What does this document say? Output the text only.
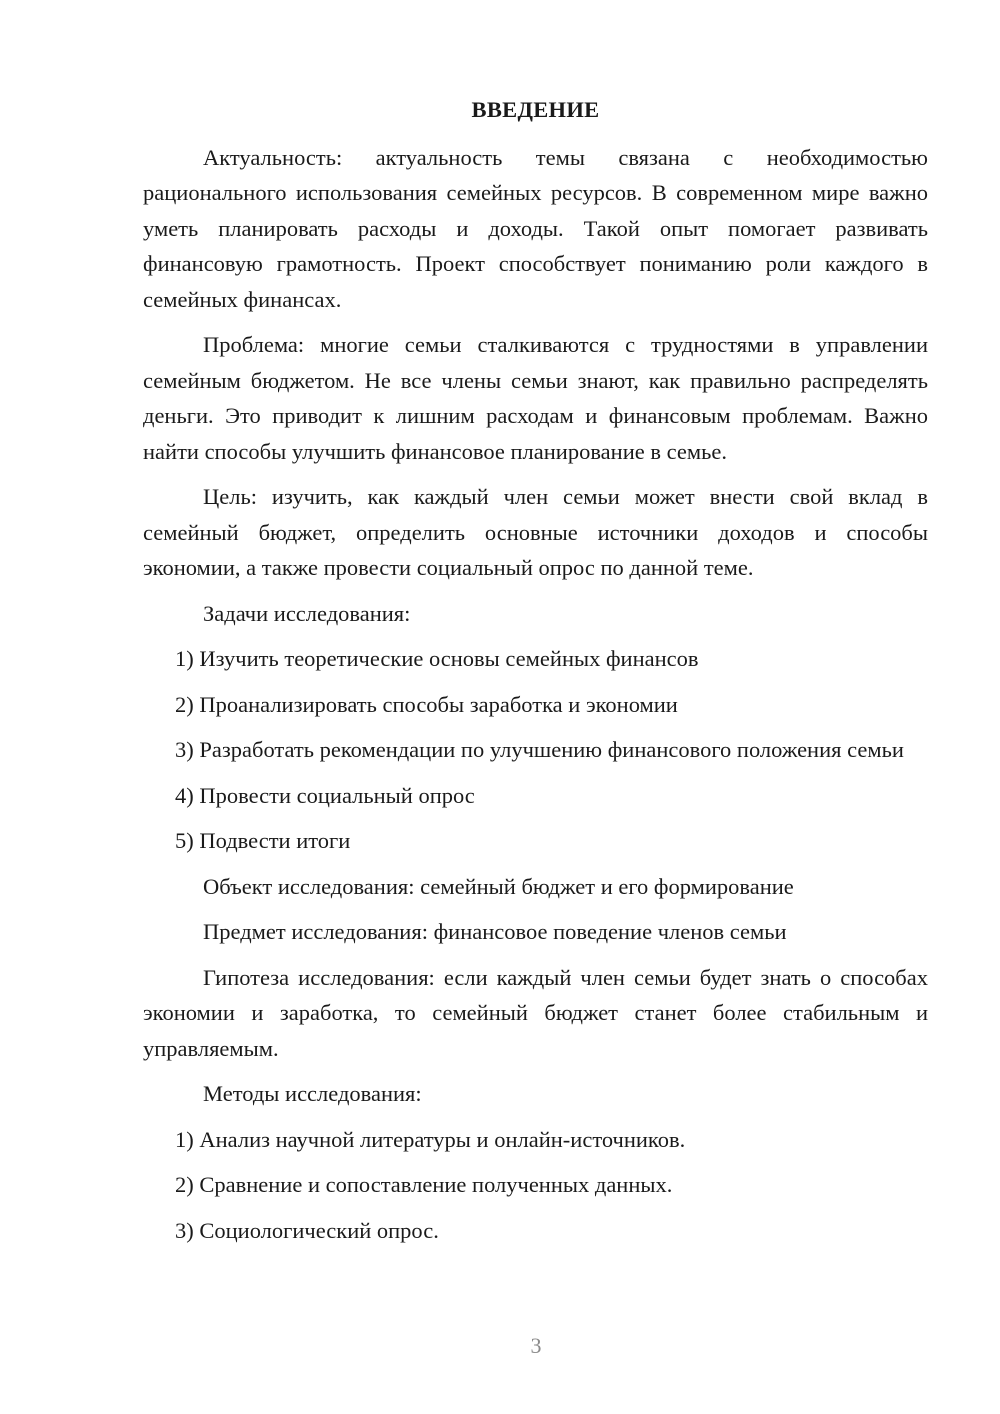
ВВЕДЕНИЕ

Актуальность: актуальность темы связана с необходимостью рационального использования семейных ресурсов. В современном мире важно уметь планировать расходы и доходы. Такой опыт помогает развивать финансовую грамотность. Проект способствует пониманию роли каждого в семейных финансах.

Проблема: многие семьи сталкиваются с трудностями в управлении семейным бюджетом. Не все члены семьи знают, как правильно распределять деньги. Это приводит к лишним расходам и финансовым проблемам. Важно найти способы улучшить финансовое планирование в семье.

Цель: изучить, как каждый член семьи может внести свой вклад в семейный бюджет, определить основные источники доходов и способы экономии, а также провести социальный опрос по данной теме.

Задачи исследования:
1) Изучить теоретические основы семейных финансов
2) Проанализировать способы заработка и экономии
3) Разработать рекомендации по улучшению финансового положения семьи
4) Провести социальный опрос
5) Подвести итоги
Объект исследования: семейный бюджет и его формирование
Предмет исследования: финансовое поведение членов семьи

Гипотеза исследования: если каждый член семьи будет знать о способах экономии и заработка, то семейный бюджет станет более стабильным и управляемым.

Методы исследования:
1) Анализ научной литературы и онлайн-источников.
2) Сравнение и сопоставление полученных данных.
3) Социологический опрос.
3
